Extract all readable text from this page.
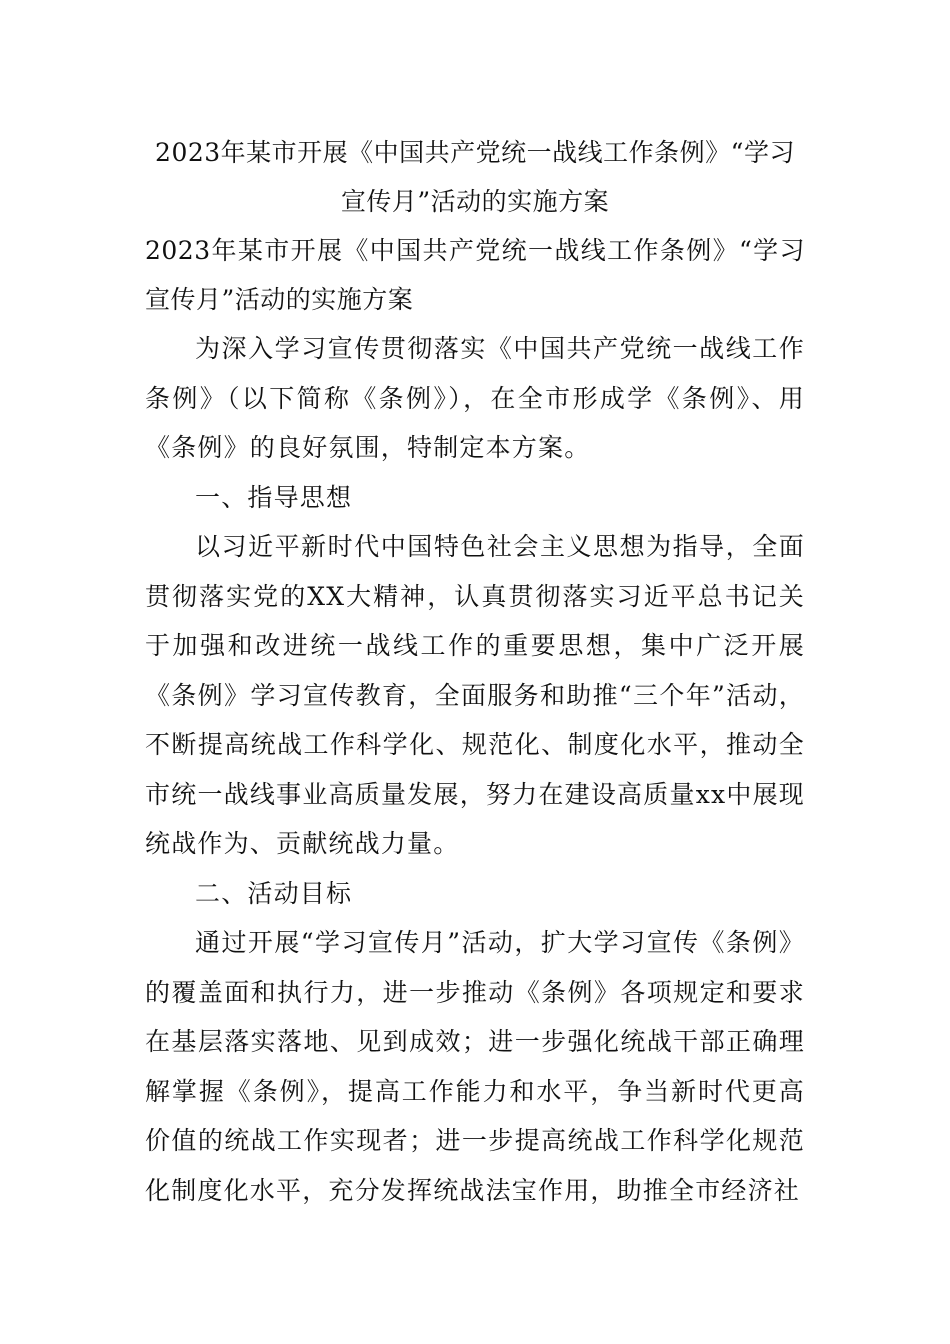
2023年某市开展《中国共产党统一战线工作条例》“学习
宣传月”活动的实施方案

2023年某市开展《中国共产党统一战线工作条例》“学习宣传月”活动的实施方案

为深入学习宣传贯彻落实《中国共产党统一战线工作条例》（以下简称《条例》），在全市形成学《条例》、用《条例》的良好氛围，特制定本方案。

一、指导思想

以习近平新时代中国特色社会主义思想为指导，全面贯彻落实党的XX大精神，认真贯彻落实习近平总书记关于加强和改进统一战线工作的重要思想，集中广泛开展《条例》学习宣传教育，全面服务和助推“三个年”活动，不断提高统战工作科学化、规范化、制度化水平，推动全市统一战线事业高质量发展，努力在建设高质量xx中展现统战作为、贡献统战力量。

二、活动目标

通过开展“学习宣传月”活动，扩大学习宣传《条例》的覆盖面和执行力，进一步推动《条例》各项规定和要求在基层落实落地、见到成效；进一步强化统战干部正确理解掌握《条例》，提高工作能力和水平，争当新时代更高价值的统战工作实现者；进一步提高统战工作科学化规范化制度化水平，充分发挥统战法宝作用，助推全市经济社
